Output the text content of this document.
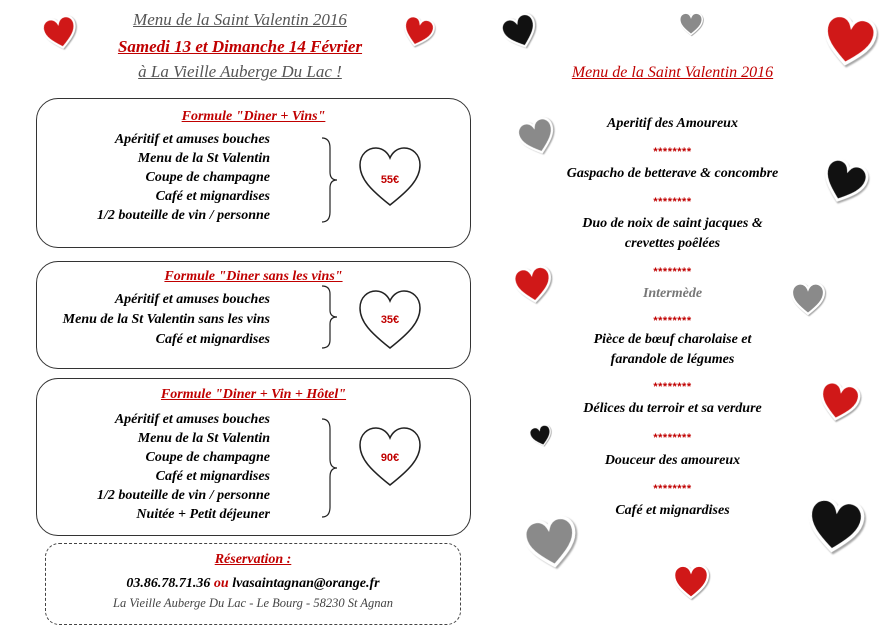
Menu de la Saint Valentin 2016
Samedi 13 et Dimanche 14 Février
à La Vieille Auberge Du Lac !
Formule "Diner + Vins"
Apéritif et amuses bouches
Menu de la St Valentin
Coupe de champagne
Café et mignardises
1/2 bouteille de vin / personne
55€
Formule "Diner sans les vins"
Apéritif et amuses bouches
Menu de la St Valentin sans les vins
Café et mignardises
35€
Formule "Diner + Vin + Hôtel"
Apéritif et amuses bouches
Menu de la St Valentin
Coupe de champagne
Café et mignardises
1/2 bouteille de vin / personne
Nuitée + Petit déjeuner
90€
Réservation :
03.86.78.71.36 ou lvasaintagnan@orange.fr
La Vieille Auberge Du Lac - Le Bourg - 58230 St Agnan
Menu de la Saint Valentin 2016
Aperitif des Amoureux
********
Gaspacho de betterave & concombre
********
Duo de noix de saint jacques &
crevettes poêlées
********
Intermède
********
Pièce de bœuf charolaise et
farandole de légumes
********
Délices du terroir et sa verdure
********
Douceur des amoureux
********
Café et mignardises
